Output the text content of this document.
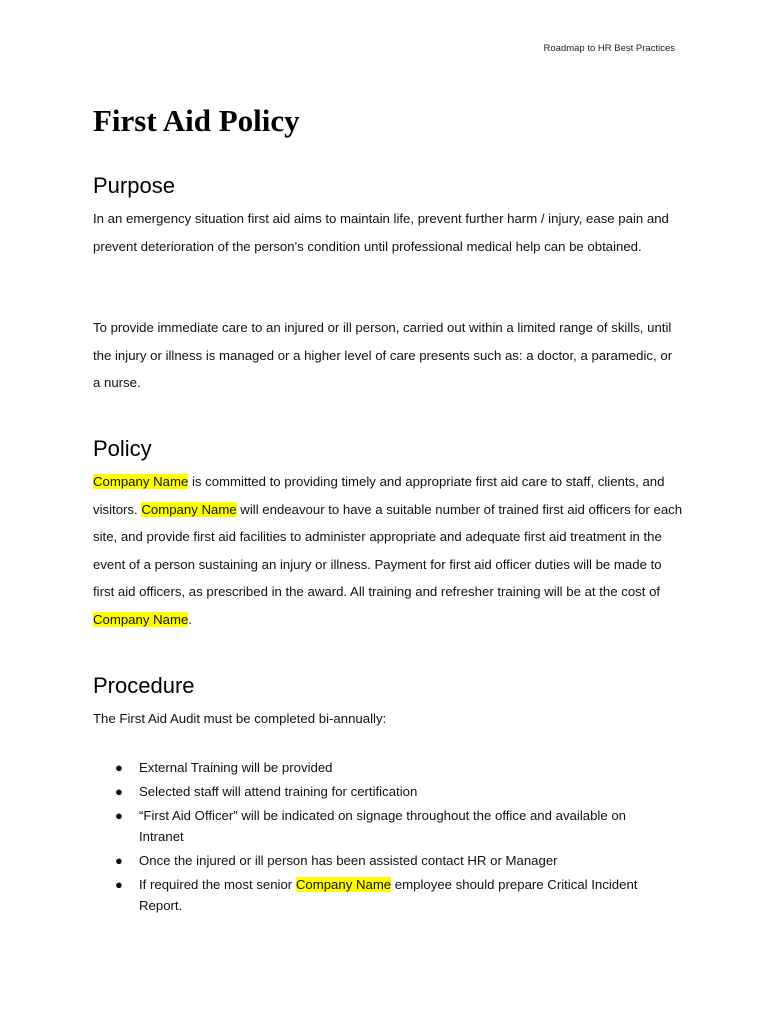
Roadmap to HR Best Practices
First Aid Policy
Purpose

In an emergency situation first aid aims to maintain life, prevent further harm / injury, ease pain and prevent deterioration of the person's condition until professional medical help can be obtained.

To provide immediate care to an injured or ill person, carried out within a limited range of skills, until the injury or illness is managed or a higher level of care presents such as: a doctor, a paramedic, or a nurse.

Policy

Company Name is committed to providing timely and appropriate first aid care to staff, clients, and visitors. Company Name will endeavour to have a suitable number of trained first aid officers for each site, and provide first aid facilities to administer appropriate and adequate first aid treatment in the event of a person sustaining an injury or illness. Payment for first aid officer duties will be made to first aid officers, as prescribed in the award. All training and refresher training will be at the cost of Company Name.

Procedure

The First Aid Audit must be completed bi-annually:

● External Training will be provided
● Selected staff will attend training for certification
● “First Aid Officer” will be indicated on signage throughout the office and available on Intranet
● Once the injured or ill person has been assisted contact HR or Manager
● If required the most senior Company Name employee should prepare Critical Incident Report.
